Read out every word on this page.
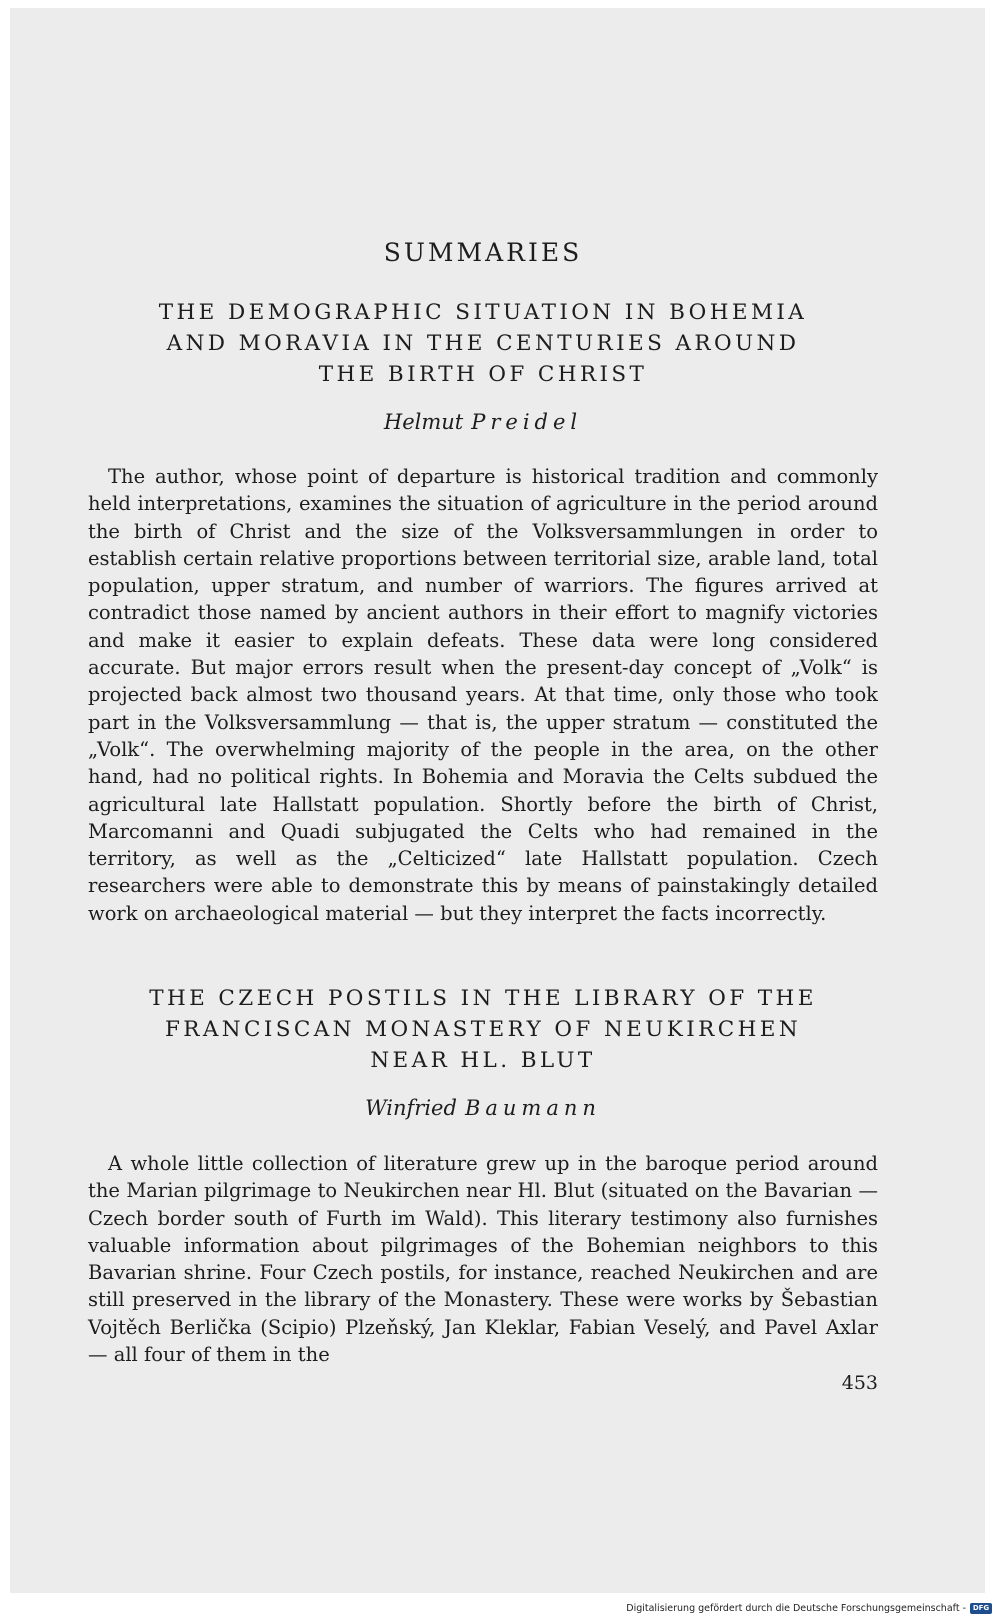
SUMMARIES
THE DEMOGRAPHIC SITUATION IN BOHEMIA
AND MORAVIA IN THE CENTURIES AROUND
THE BIRTH OF CHRIST
Helmut Preidel

The author, whose point of departure is historical tradition and commonly held interpretations, examines the situation of agriculture in the period around the birth of Christ and the size of the Volksversammlungen in order to establish certain relative proportions between territorial size, arable land, total population, upper stratum, and number of warriors. The figures arrived at contradict those named by ancient authors in their effort to magnify victories and make it easier to explain defeats. These data were long considered accurate. But major errors result when the present-day concept of „Volk“ is projected back almost two thousand years. At that time, only those who took part in the Volksversammlung — that is, the upper stratum — constituted the „Volk“. The overwhelming majority of the people in the area, on the other hand, had no political rights. In Bohemia and Moravia the Celts subdued the agricultural late Hallstatt population. Shortly before the birth of Christ, Marcomanni and Quadi subjugated the Celts who had remained in the territory, as well as the „Celticized“ late Hallstatt population. Czech researchers were able to demonstrate this by means of painstakingly detailed work on archaeological material — but they interpret the facts incorrectly.

THE CZECH POSTILS IN THE LIBRARY OF THE
FRANCISCAN MONASTERY OF NEUKIRCHEN
NEAR HL. BLUT
Winfried Baumann

A whole little collection of literature grew up in the baroque period around the Marian pilgrimage to Neukirchen near Hl. Blut (situated on the Bavarian — Czech border south of Furth im Wald). This literary testimony also furnishes valuable information about pilgrimages of the Bohemian neighbors to this Bavarian shrine. Four Czech postils, for instance, reached Neukirchen and are still preserved in the library of the Monastery. These were works by Šebastian Vojtěch Berlička (Scipio) Plzeňský, Jan Kleklar, Fabian Veselý, and Pavel Axlar — all four of them in the

453
Digitalisierung gefördert durch die Deutsche Forschungsgemeinschaft - DFG
